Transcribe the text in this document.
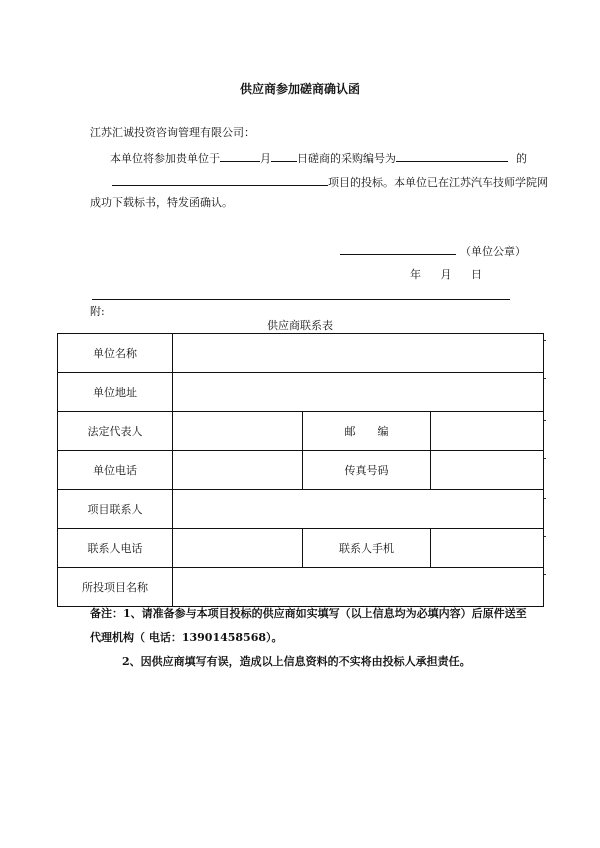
供应商参加磋商确认函
江苏汇诚投资咨询管理有限公司：
本单位将参加贵单位于	月 日磋商的采购编号为	的
项目的投标。本单位已在江苏汽车技师学院网
成功下载标书，特发函确认。
（单位公章）
年 月 日
附:
供应商联系表
单位名称			
单位地址			
法定代表人		邮　　编	
单位电话		传真号码	
项目联系人			
联系人电话		联系人手机	
所投项目名称			
备注：1、请准备参与本项目投标的供应商如实填写（以上信息均为必填内容）后原件送至
代理机构（ 电话：13901458568）。
2、因供应商填写有误，造成以上信息资料的不实将由投标人承担责任。
